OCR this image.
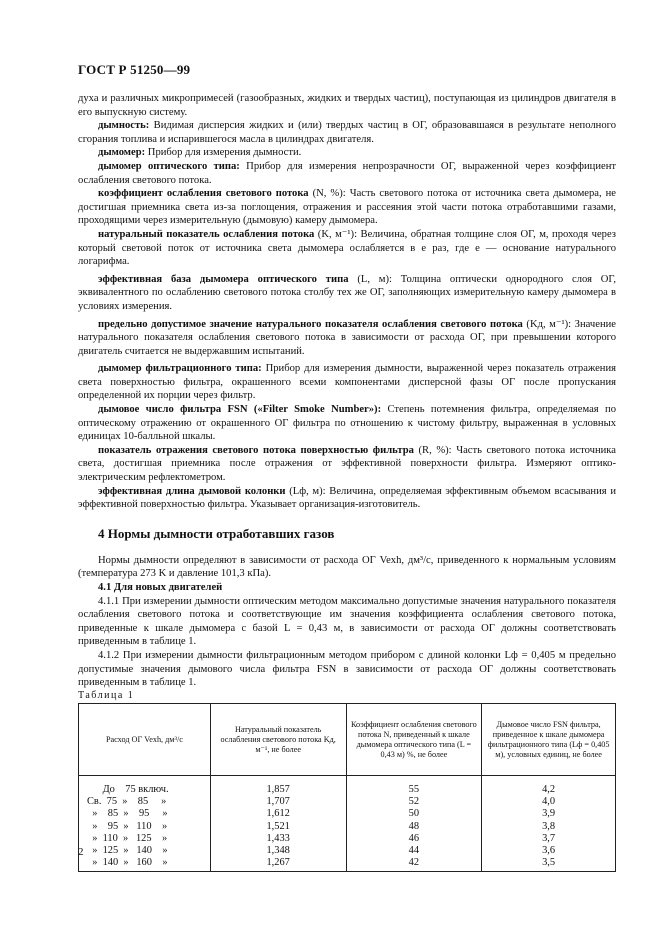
ГОСТ Р 51250—99

духа и различных микропримесей (газообразных, жидких и твердых частиц), поступающая из цилиндров двигателя в его выпускную систему.

дымность: Видимая дисперсия жидких и (или) твердых частиц в ОГ, образовавшаяся в результате неполного сгорания топлива и испарившегося масла в цилиндрах двигателя.

дымомер: Прибор для измерения дымности.

дымомер оптического типа: Прибор для измерения непрозрачности ОГ, выраженной через коэффициент ослабления светового потока.

коэффициент ослабления светового потока (N, %): Часть светового потока от источника света дымомера, не достигшая приемника света из-за поглощения, отражения и рассеяния этой части потока отработавшими газами, проходящими через измерительную (дымовую) камеру дымомера.

натуральный показатель ослабления потока (K, м⁻¹): Величина, обратная толщине слоя ОГ, м, проходя через который световой поток от источника света дымомера ослабляется в e раз, где e — основание натурального логарифма.

эффективная база дымомера оптического типа (L, м): Толщина оптически однородного слоя ОГ, эквивалентного по ослаблению светового потока столбу тех же ОГ, заполняющих измерительную камеру дымомера в условиях измерения.

предельно допустимое значение натурального показателя ослабления светового потока (Kд, м⁻¹): Значение натурального показателя ослабления светового потока в зависимости от расхода ОГ, при превышении которого двигатель считается не выдержавшим испытаний.

дымомер фильтрационного типа: Прибор для измерения дымности, выраженной через показатель отражения света поверхностью фильтра, окрашенного всеми компонентами дисперсной фазы ОГ после пропускания определенной их порции через фильтр.

дымовое число фильтра FSN («Filter Smoke Number»): Степень потемнения фильтра, определяемая по оптическому отражению от окрашенного ОГ фильтра по отношению к чистому фильтру, выраженная в условных единицах 10-балльной шкалы.

показатель отражения светового потока поверхностью фильтра (R, %): Часть светового потока источника света, достигшая приемника после отражения от эффективной поверхности фильтра. Измеряют оптико-электрическим рефлектометром.

эффективная длина дымовой колонки (Lф, м): Величина, определяемая эффективным объемом всасывания и эффективной поверхностью фильтра. Указывает организация-изготовитель.

4 Нормы дымности отработавших газов

Нормы дымности определяют в зависимости от расхода ОГ Vexh, дм³/с, приведенного к нормальным условиям (температура 273 K и давление 101,3 кПа).

4.1 Для новых двигателей

4.1.1 При измерении дымности оптическим методом максимально допустимые значения натурального показателя ослабления светового потока и соответствующие им значения коэффициента ослабления светового потока, приведенные к шкале дымомера с базой L = 0,43 м, в зависимости от расхода ОГ должны соответствовать приведенным в таблице 1.

4.1.2 При измерении дымности фильтрационным методом прибором с длиной колонки Lф = 0,405 м предельно допустимые значения дымового числа фильтра FSN в зависимости от расхода ОГ должны соответствовать приведенным в таблице 1.

Таблица 1
Расход ОГ Vexh, дм³/с	Натуральный показатель ослабления светового потока Kд, м⁻¹, не более	Коэффициент ослабления светового потока N, приведенный к шкале дымомера оптического типа (L = 0,43 м) %, не более	Дымовое число FSN фильтра, приведенное к шкале дымомера фильтрационного типа (Lф = 0,405 м), условных единиц, не более
До    75 включ.	1,857	55	4,2
Св.  75  »    85     »	1,707	52	4,0
»    85  »    95     »	1,612	50	3,9
»    95  »   110    »	1,521	48	3,8
»  110  »   125    »	1,433	46	3,7
»  125  »   140    »	1,348	44	3,6
»  140  »   160    »	1,267	42	3,5
2
